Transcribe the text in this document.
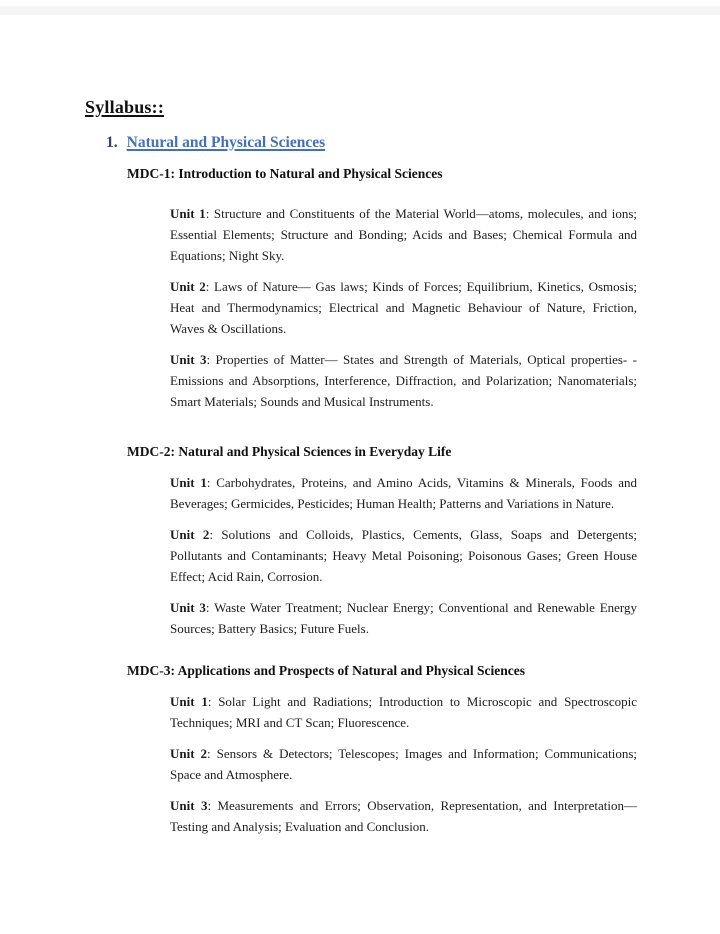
Syllabus::
1. Natural and Physical Sciences
MDC-1: Introduction to Natural and Physical Sciences

Unit 1: Structure and Constituents of the Material World—atoms, molecules, and ions; Essential Elements; Structure and Bonding; Acids and Bases; Chemical Formula and Equations; Night Sky.

Unit 2: Laws of Nature— Gas laws; Kinds of Forces; Equilibrium, Kinetics, Osmosis; Heat and Thermodynamics; Electrical and Magnetic Behaviour of Nature, Friction, Waves & Oscillations.

Unit 3: Properties of Matter— States and Strength of Materials, Optical properties- - Emissions and Absorptions, Interference, Diffraction, and Polarization; Nanomaterials; Smart Materials; Sounds and Musical Instruments.

MDC-2: Natural and Physical Sciences in Everyday Life

Unit 1: Carbohydrates, Proteins, and Amino Acids, Vitamins & Minerals, Foods and Beverages; Germicides, Pesticides; Human Health; Patterns and Variations in Nature.

Unit 2: Solutions and Colloids, Plastics, Cements, Glass, Soaps and Detergents; Pollutants and Contaminants; Heavy Metal Poisoning; Poisonous Gases; Green House Effect; Acid Rain, Corrosion.

Unit 3: Waste Water Treatment; Nuclear Energy; Conventional and Renewable Energy Sources; Battery Basics; Future Fuels.

MDC-3: Applications and Prospects of Natural and Physical Sciences

Unit 1: Solar Light and Radiations; Introduction to Microscopic and Spectroscopic Techniques; MRI and CT Scan; Fluorescence.

Unit 2: Sensors & Detectors; Telescopes; Images and Information; Communications; Space and Atmosphere.

Unit 3: Measurements and Errors; Observation, Representation, and Interpretation—Testing and Analysis; Evaluation and Conclusion.
